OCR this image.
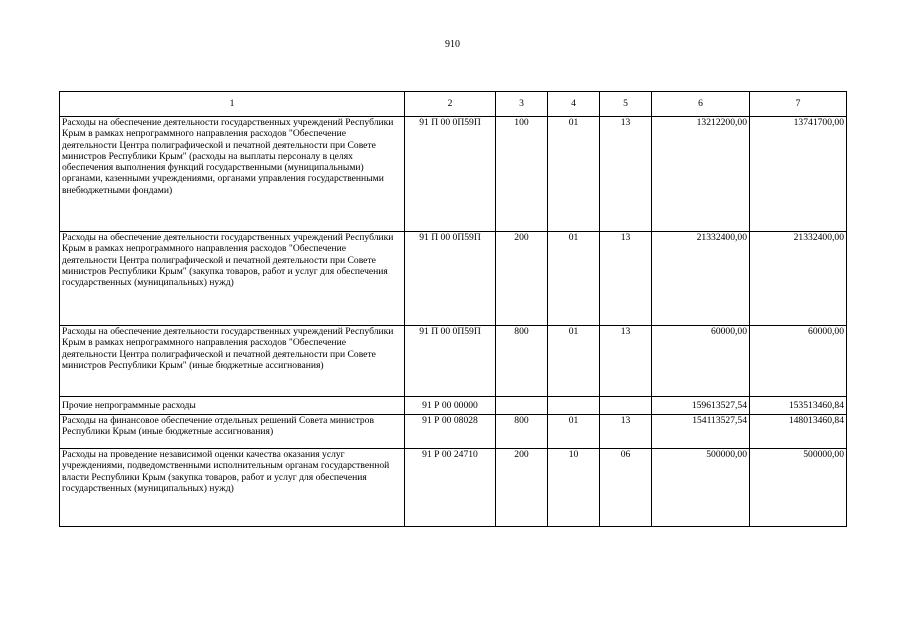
910
1	2	3	4	5	6	7
Расходы на обеспечение деятельности государственных учреждений Республики Крым в рамках непрограммного направления расходов "Обеспечение деятельности Центра полиграфической и печатной деятельности при Совете министров Республики Крым" (расходы на выплаты персоналу в целях обеспечения выполнения функций государственными (муниципальными) органами, казенными учреждениями, органами управления государственными внебюджетными фондами)	91 П 00 0П59П	100	01	13	13212200,00	13741700,00
Расходы на обеспечение деятельности государственных учреждений Республики Крым в рамках непрограммного направления расходов "Обеспечение деятельности Центра полиграфической и печатной деятельности при Совете министров Республики Крым" (закупка товаров, работ и услуг для обеспечения государственных (муниципальных) нужд)	91 П 00 0П59П	200	01	13	21332400,00	21332400,00
Расходы на обеспечение деятельности государственных учреждений Республики Крым в рамках непрограммного направления расходов "Обеспечение деятельности Центра полиграфической и печатной деятельности при Совете министров Республики Крым" (иные бюджетные ассигнования)	91 П 00 0П59П	800	01	13	60000,00	60000,00
Прочие непрограммные расходы	91 Р 00 00000				159613527,54	153513460,84
Расходы на финансовое обеспечение отдельных решений Совета министров Республики Крым (иные бюджетные ассигнования)	91 Р 00 08028	800	01	13	154113527,54	148013460,84
Расходы на проведение независимой оценки качества оказания услуг учреждениями, подведомственными исполнительным органам государственной власти Республики Крым (закупка товаров, работ и услуг для обеспечения государственных (муниципальных) нужд)	91 Р 00 24710	200	10	06	500000,00	500000,00
